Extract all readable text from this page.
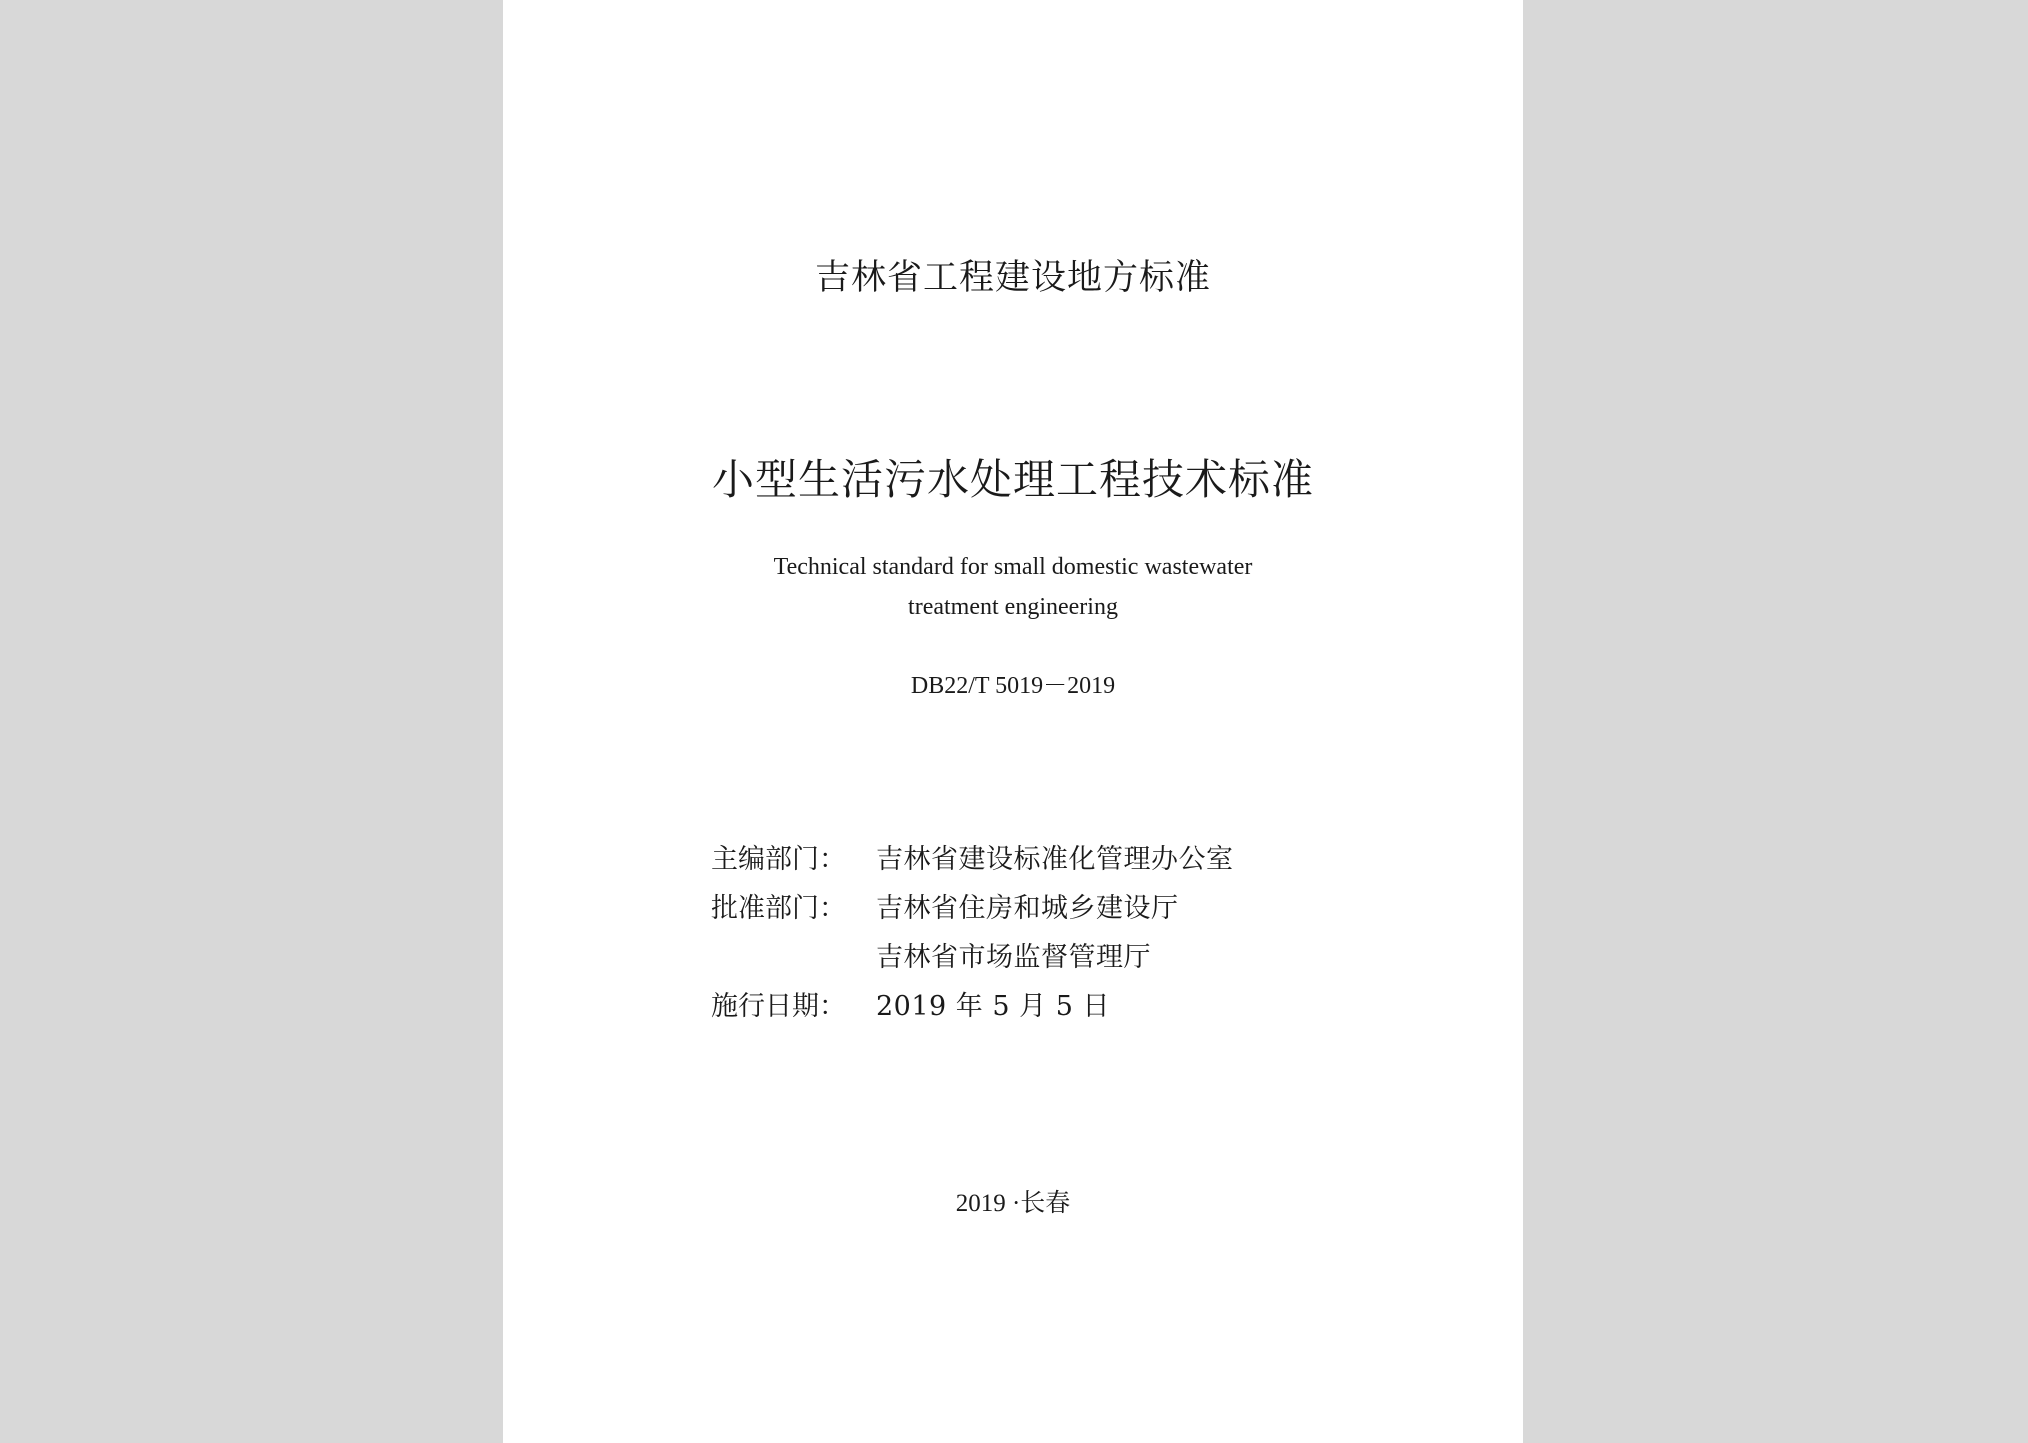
吉林省工程建设地方标准
小型生活污水处理工程技术标准
Technical standard for small domestic wastewater
treatment engineering
DB22/T 5019－2019
主编部门：	吉林省建设标准化管理办公室
批准部门：	吉林省住房和城乡建设厅
吉林省市场监督管理厅
施行日期：	2019 年 5 月 5 日
2019 ·长春
